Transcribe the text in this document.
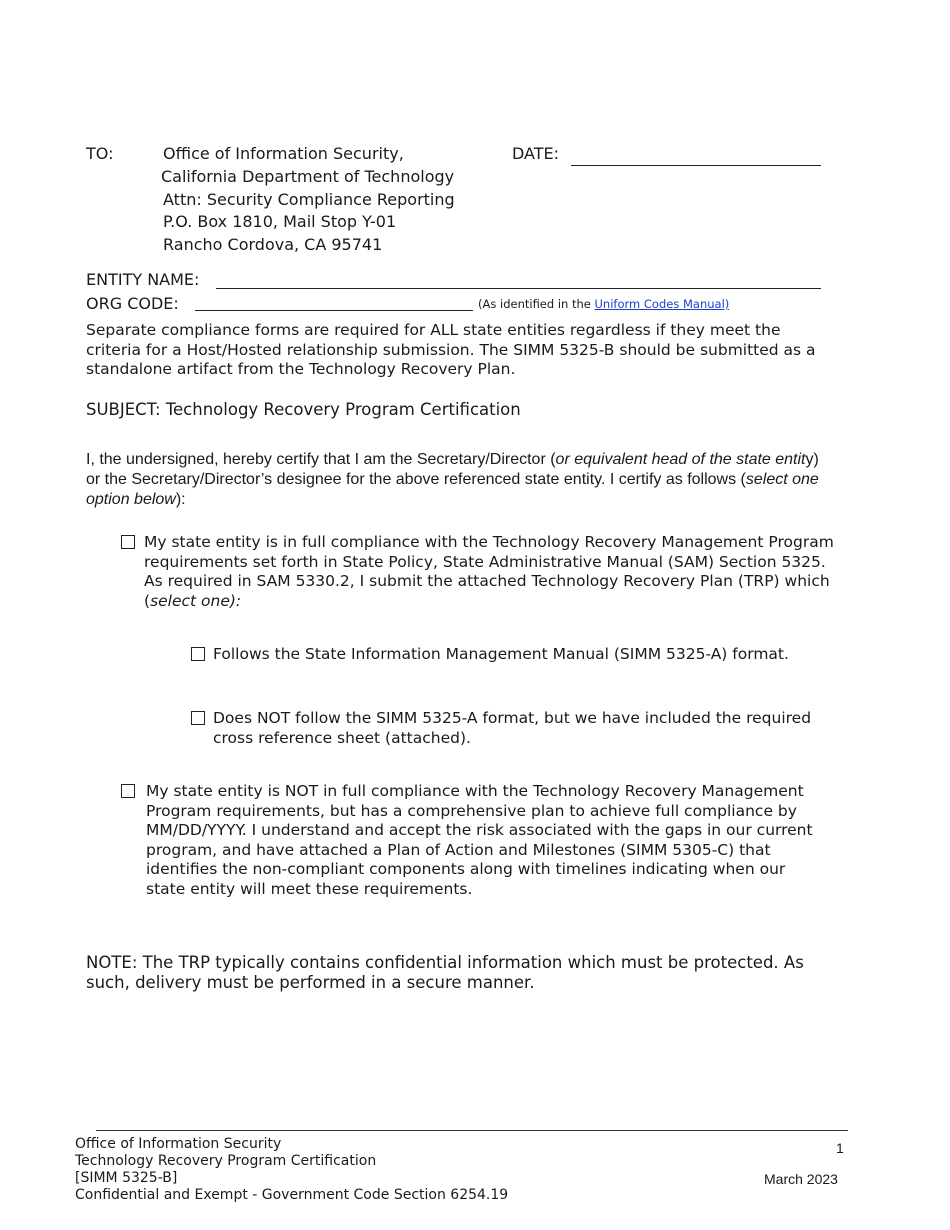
TO:	Office of Information Security,
California Department of Technology
Attn: Security Compliance Reporting
P.O. Box 1810, Mail Stop Y-01
Rancho Cordova, CA 95741
DATE:
ENTITY NAME:
ORG CODE:	(As identified in the Uniform Codes Manual)
Separate compliance forms are required for ALL state entities regardless if they meet the criteria for a Host/Hosted relationship submission. The SIMM 5325-B should be submitted as a standalone artifact from the Technology Recovery Plan.
SUBJECT: Technology Recovery Program Certification
I, the undersigned, hereby certify that I am the Secretary/Director (or equivalent head of the state entity) or the Secretary/Director’s designee for the above referenced state entity. I certify as follows (select one option below):
My state entity is in full compliance with the Technology Recovery Management Program requirements set forth in State Policy, State Administrative Manual (SAM) Section 5325. As required in SAM 5330.2, I submit the attached Technology Recovery Plan (TRP) which (select one):
Follows the State Information Management Manual (SIMM 5325-A) format.
Does NOT follow the SIMM 5325-A format, but we have included the required cross reference sheet (attached).
My state entity is NOT in full compliance with the Technology Recovery Management Program requirements, but has a comprehensive plan to achieve full compliance by MM/DD/YYYY. I understand and accept the risk associated with the gaps in our current program, and have attached a Plan of Action and Milestones (SIMM 5305-C) that identifies the non-compliant components along with timelines indicating when our state entity will meet these requirements.
NOTE: The TRP typically contains confidential information which must be protected. As such, delivery must be performed in a secure manner.
Office of Information Security
Technology Recovery Program Certification
[SIMM 5325-B]
Confidential and Exempt - Government Code Section 6254.19
1
March 2023
